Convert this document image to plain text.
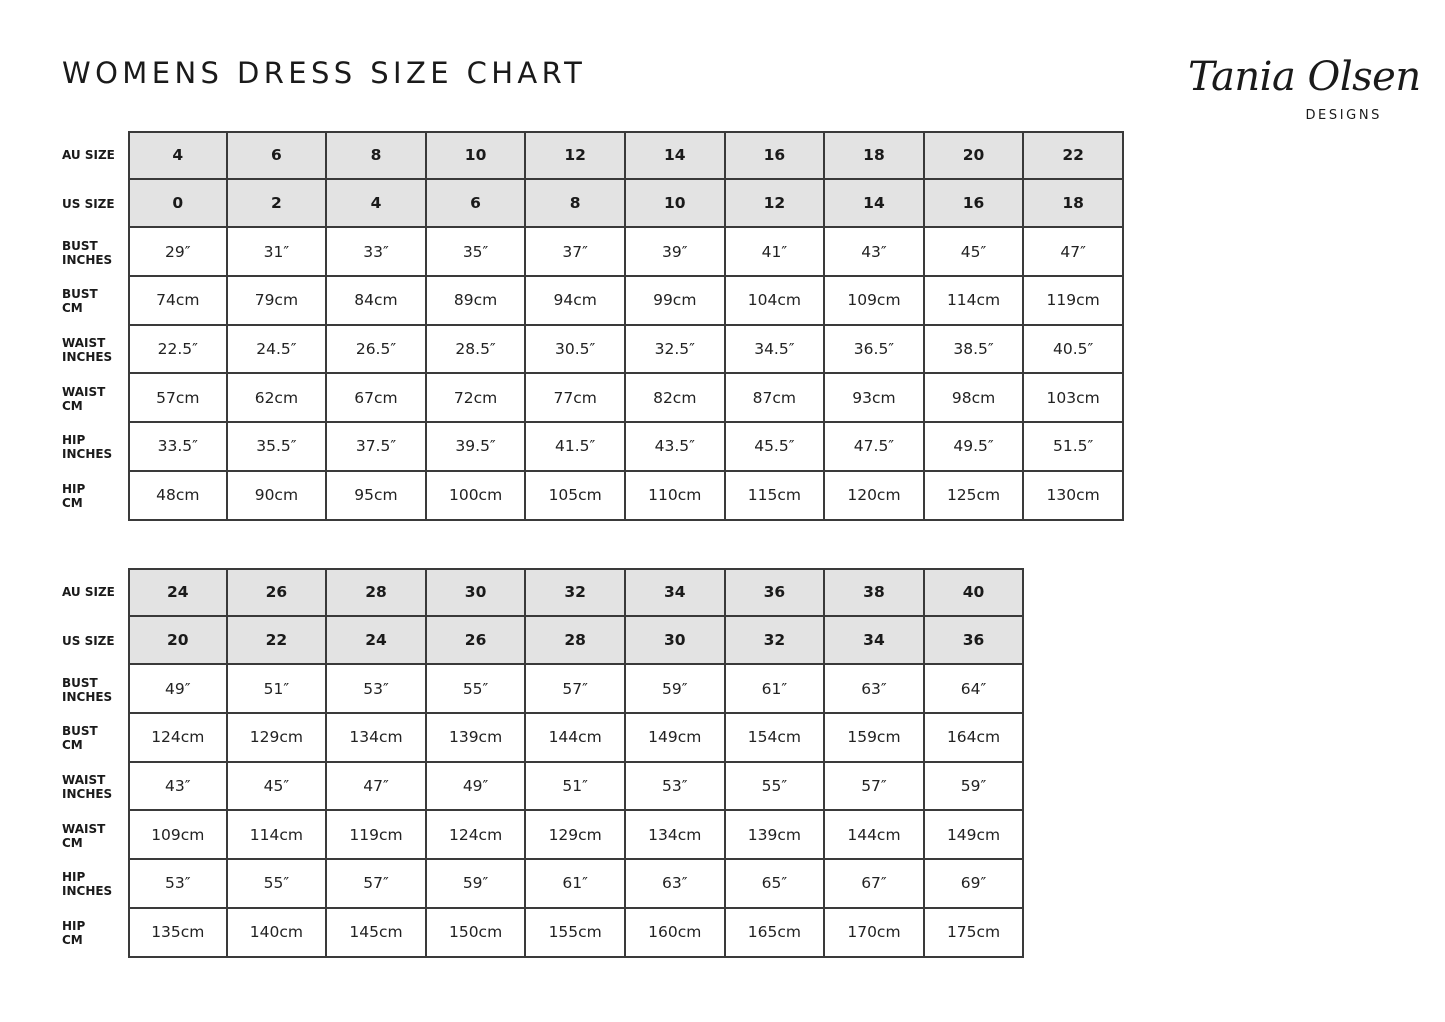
WOMENS DRESS SIZE CHART	Tania Olsen
DESIGNS
AU SIZE	4	6	8	10	12	14	16	18	20	22
US SIZE	0	2	4	6	8	10	12	14	16	18
BUST
INCHES	29″	31″	33″	35″	37″	39″	41″	43″	45″	47″
BUST
CM	74cm	79cm	84cm	89cm	94cm	99cm	104cm	109cm	114cm	119cm
WAIST
INCHES	22.5″	24.5″	26.5″	28.5″	30.5″	32.5″	34.5″	36.5″	38.5″	40.5″
WAIST
CM	57cm	62cm	67cm	72cm	77cm	82cm	87cm	93cm	98cm	103cm
HIP
INCHES	33.5″	35.5″	37.5″	39.5″	41.5″	43.5″	45.5″	47.5″	49.5″	51.5″
HIP
CM	48cm	90cm	95cm	100cm	105cm	110cm	115cm	120cm	125cm	130cm
AU SIZE	24	26	28	30	32	34	36	38	40
US SIZE	20	22	24	26	28	30	32	34	36
BUST
INCHES	49″	51″	53″	55″	57″	59″	61″	63″	64″
BUST
CM	124cm	129cm	134cm	139cm	144cm	149cm	154cm	159cm	164cm
WAIST
INCHES	43″	45″	47″	49″	51″	53″	55″	57″	59″
WAIST
CM	109cm	114cm	119cm	124cm	129cm	134cm	139cm	144cm	149cm
HIP
INCHES	53″	55″	57″	59″	61″	63″	65″	67″	69″
HIP
CM	135cm	140cm	145cm	150cm	155cm	160cm	165cm	170cm	175cm
